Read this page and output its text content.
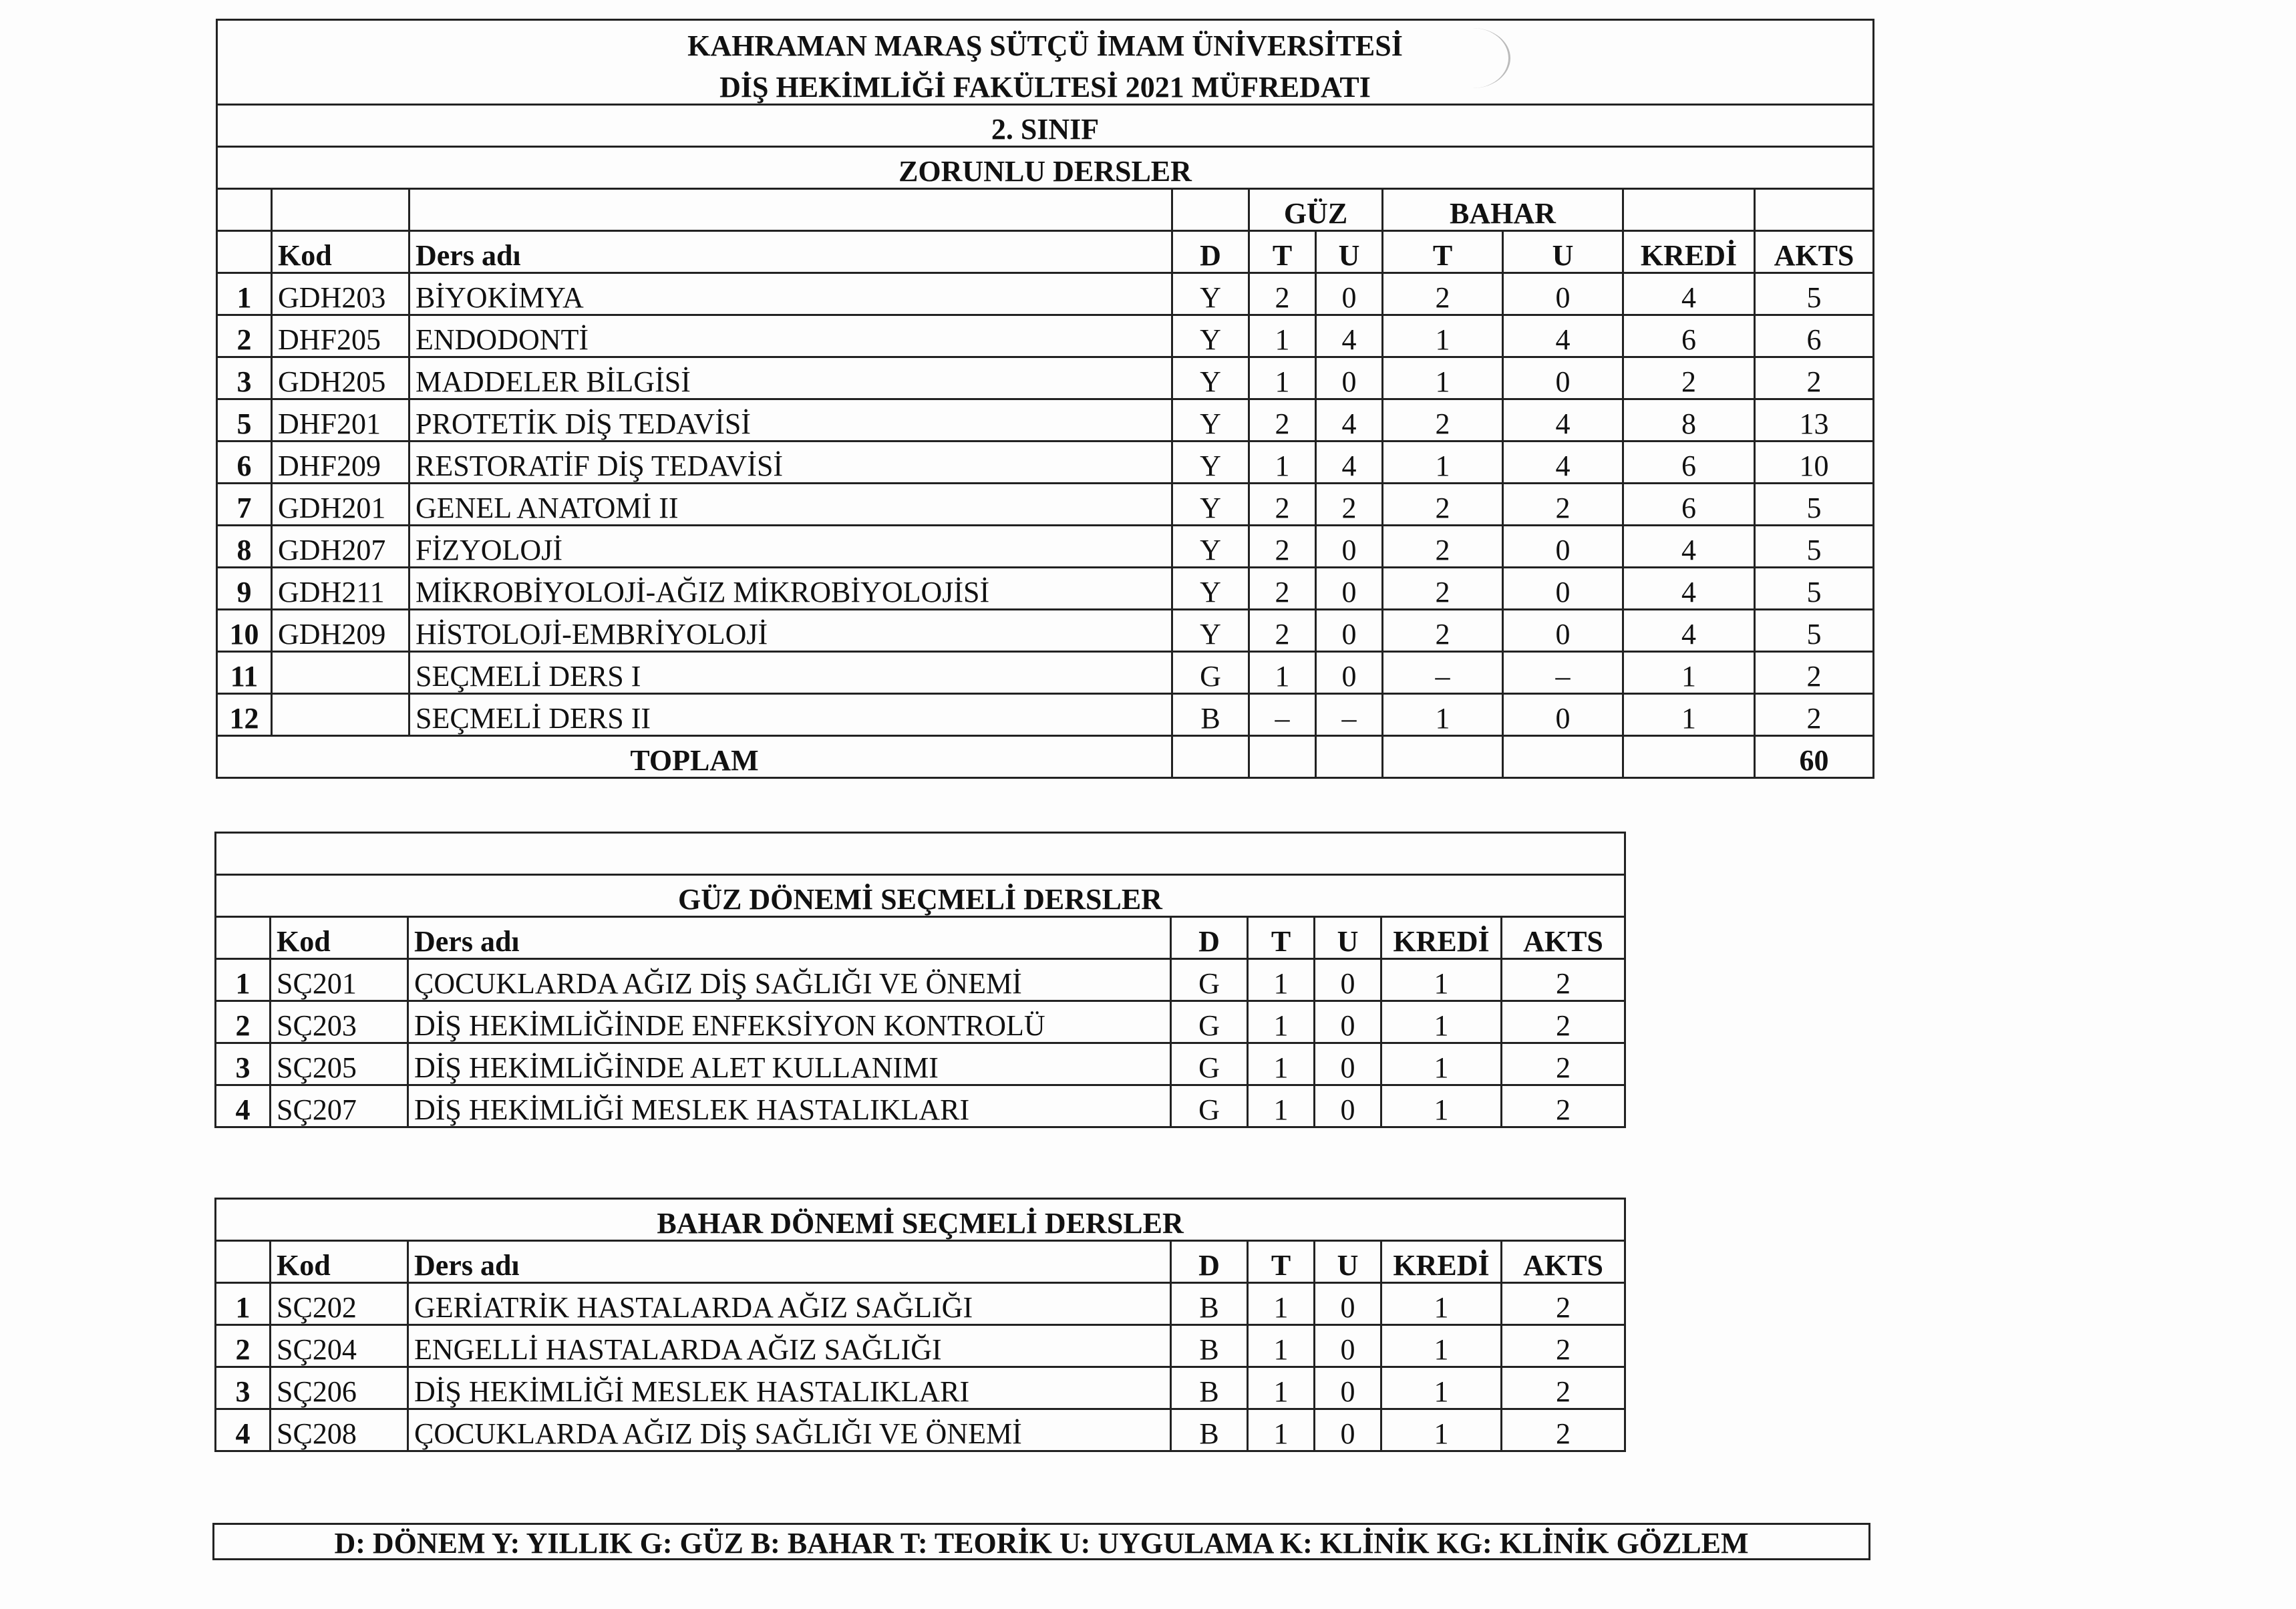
KAHRAMAN MARAŞ SÜTÇÜ İMAM ÜNİVERSİTESİ									
DİŞ HEKİMLİĞİ FAKÜLTESİ 2021 MÜFREDATI									
2. SINIF									
ZORUNLU DERSLER									
				GÜZ		BAHAR			
	Kod	Ders adı	D	T	U	T	U	KREDİ	AKTS
1	GDH203	BİYOKİMYA	Y	2	0	2	0	4	5
2	DHF205	ENDODONTİ	Y	1	4	1	4	6	6
3	GDH205	MADDELER BİLGİSİ	Y	1	0	1	0	2	2
5	DHF201	PROTETİK DİŞ TEDAVİSİ	Y	2	4	2	4	8	13
6	DHF209	RESTORATİF DİŞ TEDAVİSİ	Y	1	4	1	4	6	10
7	GDH201	GENEL ANATOMİ II	Y	2	2	2	2	6	5
8	GDH207	FİZYOLOJİ	Y	2	0	2	0	4	5
9	GDH211	MİKROBİYOLOJİ-AĞIZ MİKROBİYOLOJİSİ	Y	2	0	2	0	4	5
10	GDH209	HİSTOLOJİ-EMBRİYOLOJİ	Y	2	0	2	0	4	5
11		SEÇMELİ DERS I	G	1	0	–	–	1	2
12		SEÇMELİ DERS II	B	–	–	1	0	1	2
TOPLAM									60

GÜZ DÖNEMİ SEÇMELİ DERSLER							
	Kod	Ders adı	D	T	U	KREDİ	AKTS
1	SÇ201	ÇOCUKLARDA AĞIZ DİŞ SAĞLIĞI VE ÖNEMİ	G	1	0	1	2
2	SÇ203	DİŞ HEKİMLİĞİNDE ENFEKSİYON KONTROLÜ	G	1	0	1	2
3	SÇ205	DİŞ HEKİMLİĞİNDE ALET KULLANIMI	G	1	0	1	2
4	SÇ207	DİŞ HEKİMLİĞİ MESLEK HASTALIKLARI	G	1	0	1	2
BAHAR DÖNEMİ SEÇMELİ DERSLER							
	Kod	Ders adı	D	T	U	KREDİ	AKTS
1	SÇ202	GERİATRİK HASTALARDA AĞIZ SAĞLIĞI	B	1	0	1	2
2	SÇ204	ENGELLİ HASTALARDA AĞIZ SAĞLIĞI	B	1	0	1	2
3	SÇ206	DİŞ HEKİMLİĞİ MESLEK HASTALIKLARI	B	1	0	1	2
4	SÇ208	ÇOCUKLARDA AĞIZ DİŞ SAĞLIĞI VE ÖNEMİ	B	1	0	1	2
D: DÖNEM Y: YILLIK G: GÜZ B: BAHAR T: TEORİK U: UYGULAMA K: KLİNİK KG: KLİNİK GÖZLEM
